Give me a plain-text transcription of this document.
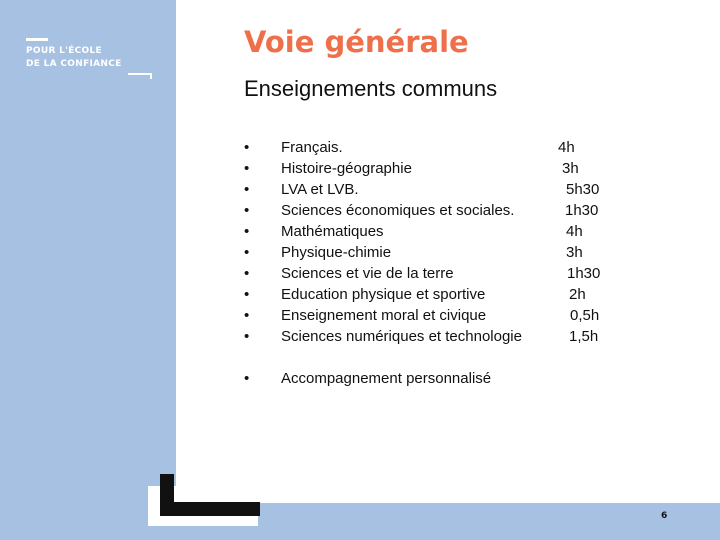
POUR L'ÉCOLE
DE LA CONFIANCE
Voie générale
Enseignements communs
•	Français.	4h
•	Histoire-géographie	3h
•	LVA et LVB.	5h30
•	Sciences économiques et sociales.	1h30
•	Mathématiques	4h
•	Physique-chimie	3h
•	Sciences et vie de la terre	1h30
•	Education physique et sportive	2h
•	Enseignement moral et civique	0,5h
•	Sciences numériques et technologie	1,5h
•	Accompagnement personnalisé
6
